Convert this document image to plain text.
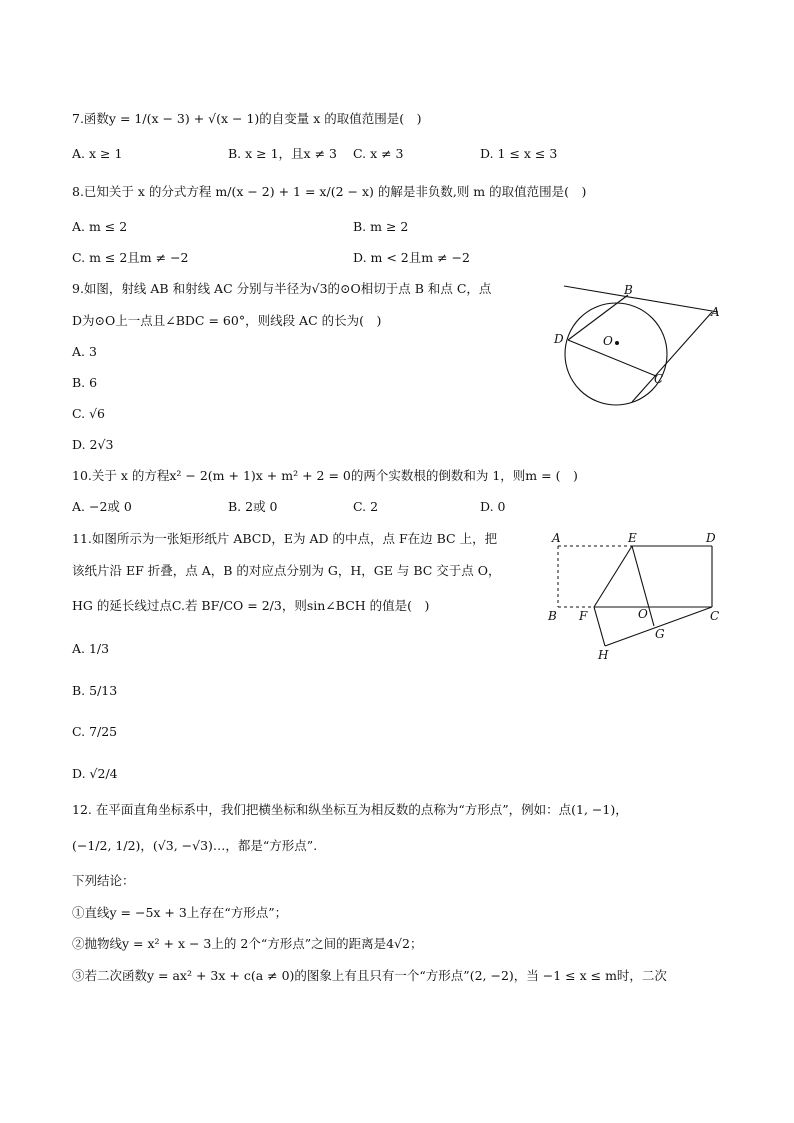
7.函数y = 1/(x − 3) + √(x − 1)的自变量 x 的取值范围是(　)
A. x ≥ 1	B. x ≥ 1，且x ≠ 3 C. x ≠ 3	D. 1 ≤ x ≤ 3
8.已知关于 x 的分式方程 m/(x − 2) + 1 = x/(2 − x) 的解是非负数,则 m 的取值范围是(　)
A. m ≤ 2	B. m ≥ 2
C. m ≤ 2且m ≠ −2	D. m < 2且m ≠ −2
9.如图，射线 AB 和射线 AC 分别与半径为√3的⊙O相切于点 B 和点 C，点
D为⊙O上一点且∠BDC = 60°，则线段 AC 的长为(　)
A. 3
B. 6
C. √6
D. 2√3
B
A
D	O
C
10.关于 x 的方程x² − 2(m + 1)x + m² + 2 = 0的两个实数根的倒数和为 1，则m = (　)
A. −2或 0	B. 2或 0	C. 2	D. 0
11.如图所示为一张矩形纸片 ABCD，E为 AD 的中点，点 F在边 BC 上，把
该纸片沿 EF 折叠，点 A，B 的对应点分别为 G，H，GE 与 BC 交于点 O，
HG 的延长线过点C.若 BF/CO = 2/3，则sin∠BCH 的值是(　)
A. 1/3
B. 5/13
C. 7/25
D. √2/4
A	E	D
B F	O	C
G
H
12. 在平面直角坐标系中，我们把横坐标和纵坐标互为相反数的点称为“方形点”，例如：点(1, −1)，
(−1/2, 1/2)，(√3, −√3)…，都是“方形点”.
下列结论：
①直线y = −5x + 3上存在“方形点”；
②抛物线y = x² + x − 3上的 2个“方形点”之间的距离是4√2；
③若二次函数y = ax² + 3x + c(a ≠ 0)的图象上有且只有一个“方形点”(2, −2)，当 −1 ≤ x ≤ m时，二次
